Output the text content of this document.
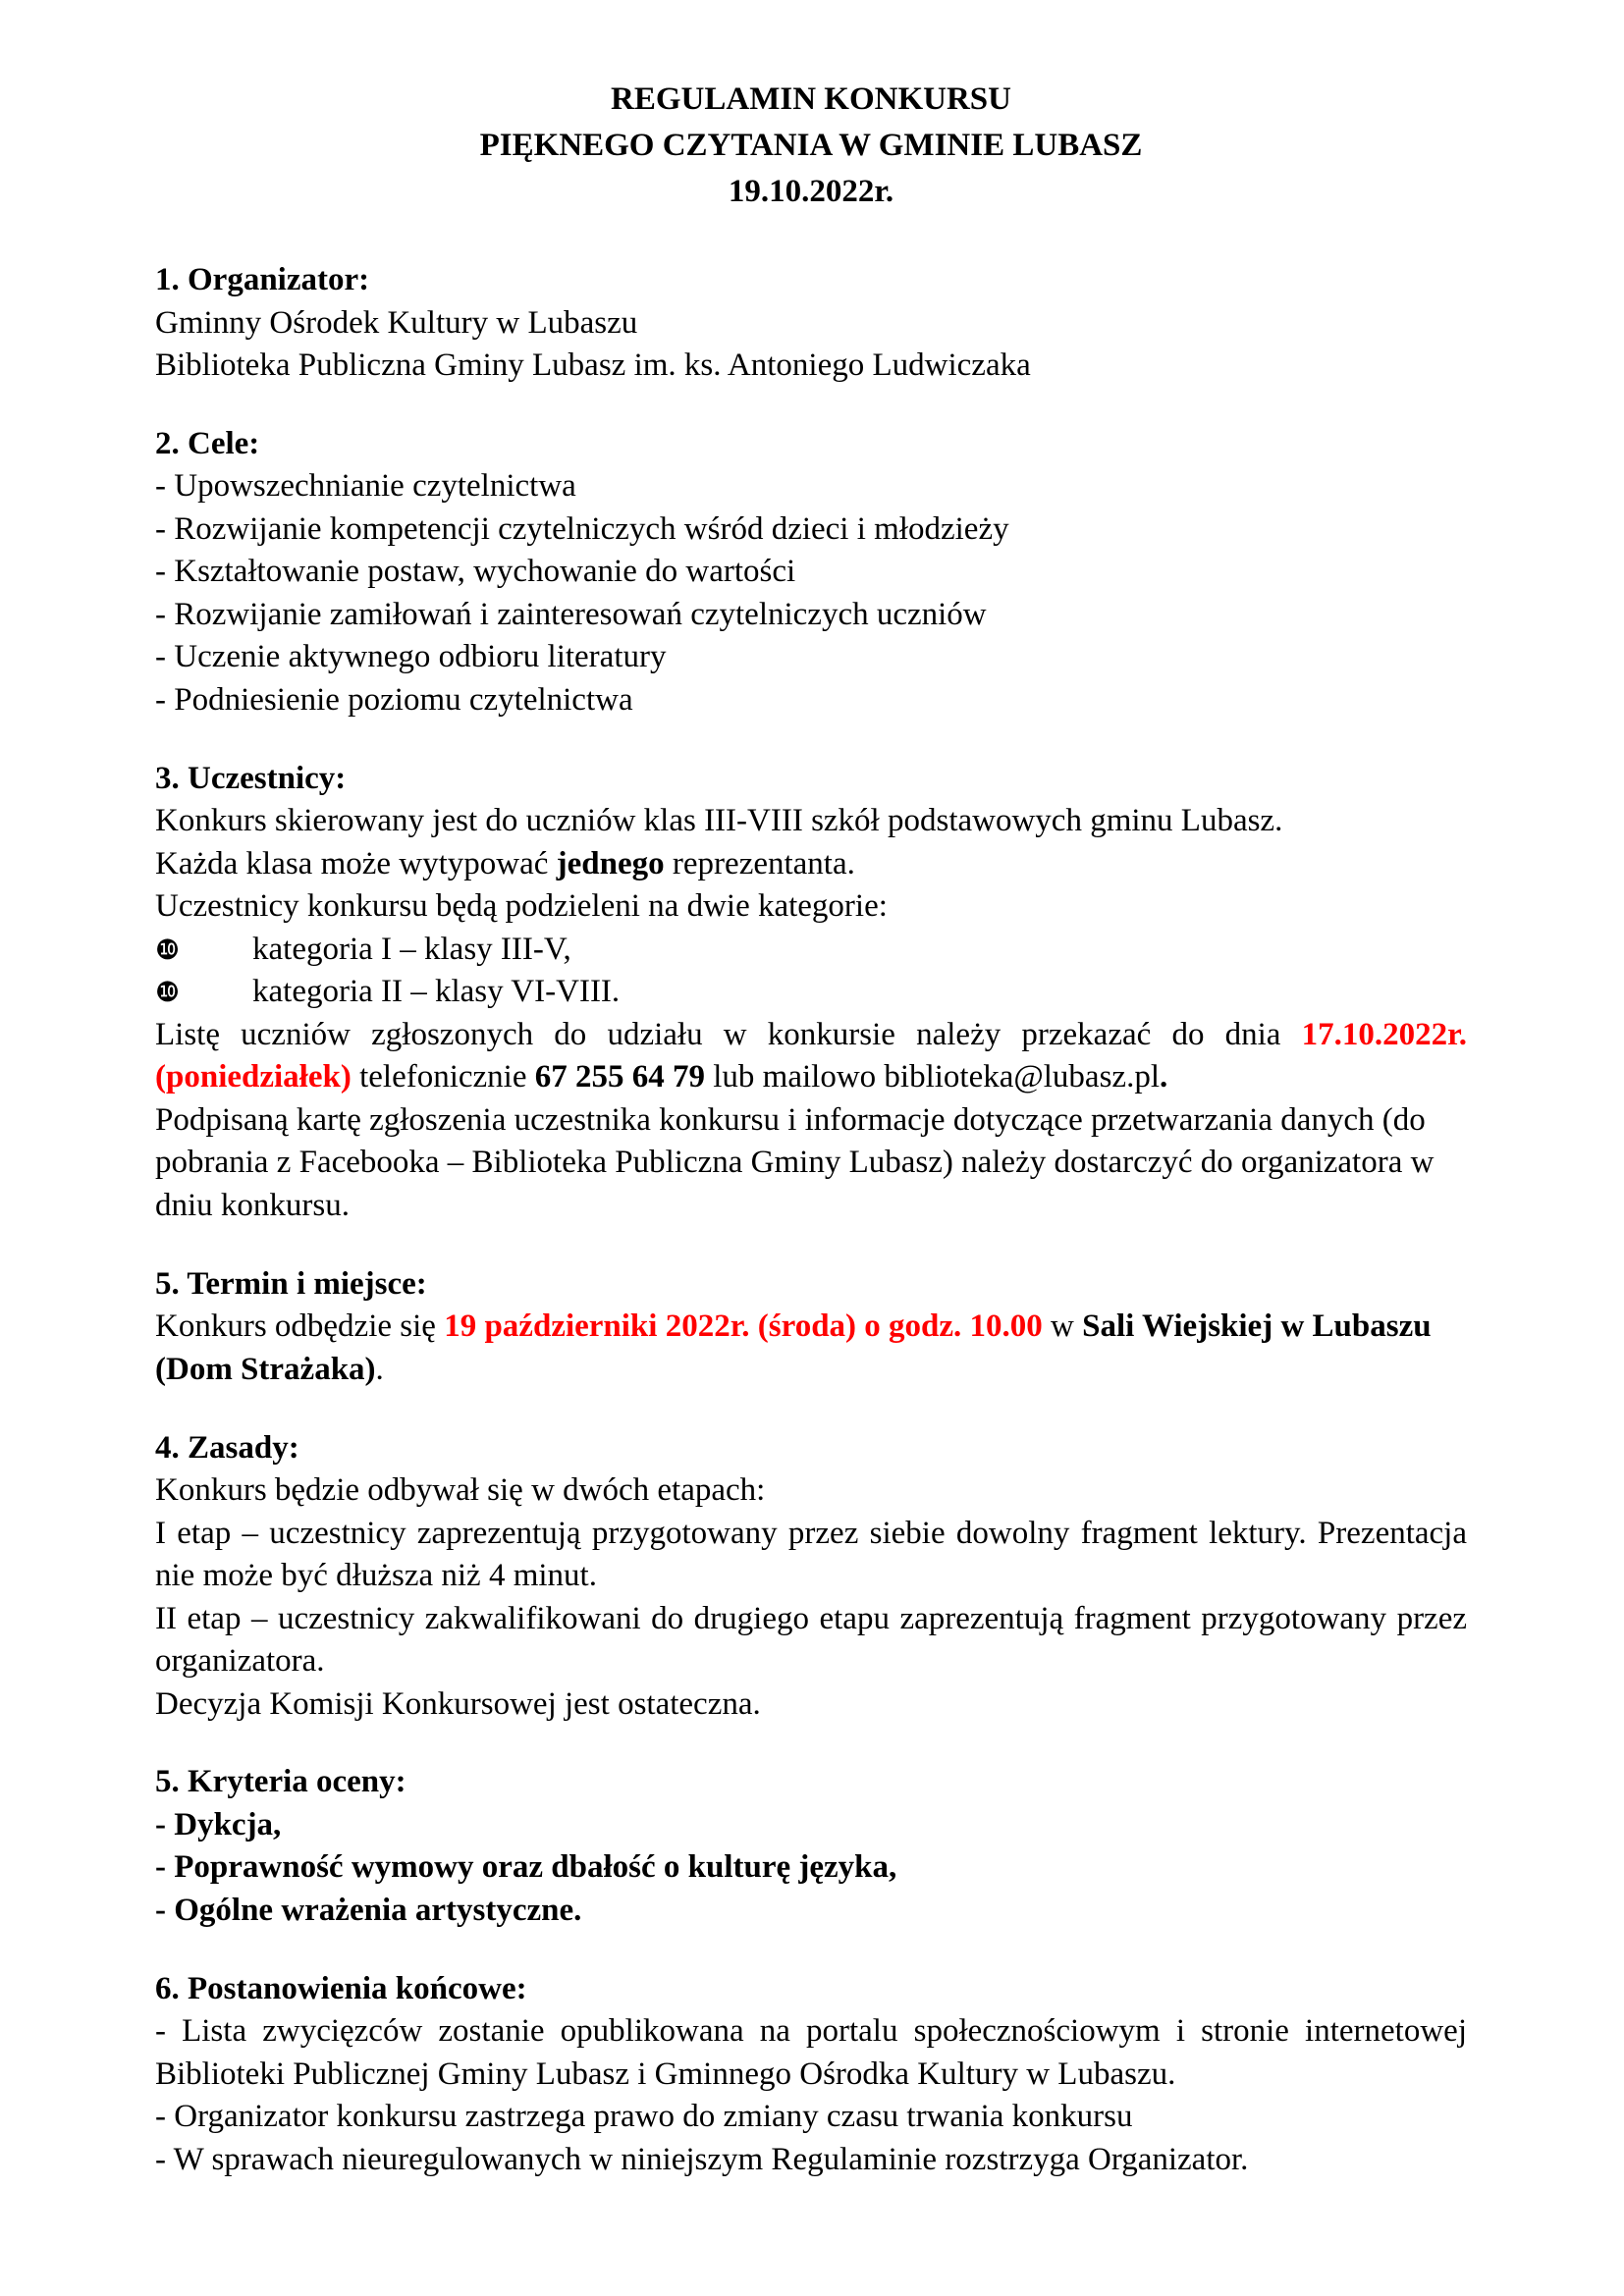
REGULAMIN KONKURSU
PIĘKNEGO CZYTANIA W GMINIE LUBASZ
19.10.2022r.
1. Organizator:
Gminny Ośrodek Kultury w Lubaszu
Biblioteka Publiczna Gminy Lubasz im. ks. Antoniego Ludwiczaka
2. Cele:
- Upowszechnianie czytelnictwa
- Rozwijanie kompetencji czytelniczych wśród dzieci i młodzieży
- Kształtowanie postaw, wychowanie do wartości
- Rozwijanie zamiłowań i zainteresowań czytelniczych uczniów
- Uczenie aktywnego odbioru literatury
- Podniesienie poziomu czytelnictwa
3. Uczestnicy:
Konkurs skierowany jest do uczniów klas III-VIII szkół podstawowych gminu Lubasz.
Każda klasa może wytypować jednego reprezentanta.
Uczestnicy konkursu będą podzieleni na dwie kategorie:
❿ kategoria I – klasy III-V,
❿ kategoria II – klasy VI-VIII.
Listę uczniów zgłoszonych do udziału w konkursie należy przekazać do dnia 17.10.2022r.
(poniedziałek) telefonicznie 67 255 64 79 lub mailowo biblioteka@lubasz.pl.
Podpisaną kartę zgłoszenia uczestnika konkursu i informacje dotyczące przetwarzania danych (do
pobrania z Facebooka – Biblioteka Publiczna Gminy Lubasz) należy dostarczyć do organizatora w
dniu konkursu.
5. Termin i miejsce:
Konkurs odbędzie się 19 październiki 2022r. (środa) o godz. 10.00 w Sali Wiejskiej w Lubaszu
(Dom Strażaka).
4. Zasady:
Konkurs będzie odbywał się w dwóch etapach:
I etap – uczestnicy zaprezentują przygotowany przez siebie dowolny fragment lektury. Prezentacja
nie może być dłuższa niż 4 minut.
II etap – uczestnicy zakwalifikowani do drugiego etapu zaprezentują fragment przygotowany przez
organizatora.
Decyzja Komisji Konkursowej jest ostateczna.
5. Kryteria oceny:
- Dykcja,
- Poprawność wymowy oraz dbałość o kulturę języka,
- Ogólne wrażenia artystyczne.
6. Postanowienia końcowe:
- Lista zwycięzców zostanie opublikowana na portalu społecznościowym i stronie internetowej
Biblioteki Publicznej Gminy Lubasz i Gminnego Ośrodka Kultury w Lubaszu.
- Organizator konkursu zastrzega prawo do zmiany czasu trwania konkursu
- W sprawach nieuregulowanych w niniejszym Regulaminie rozstrzyga Organizator.
